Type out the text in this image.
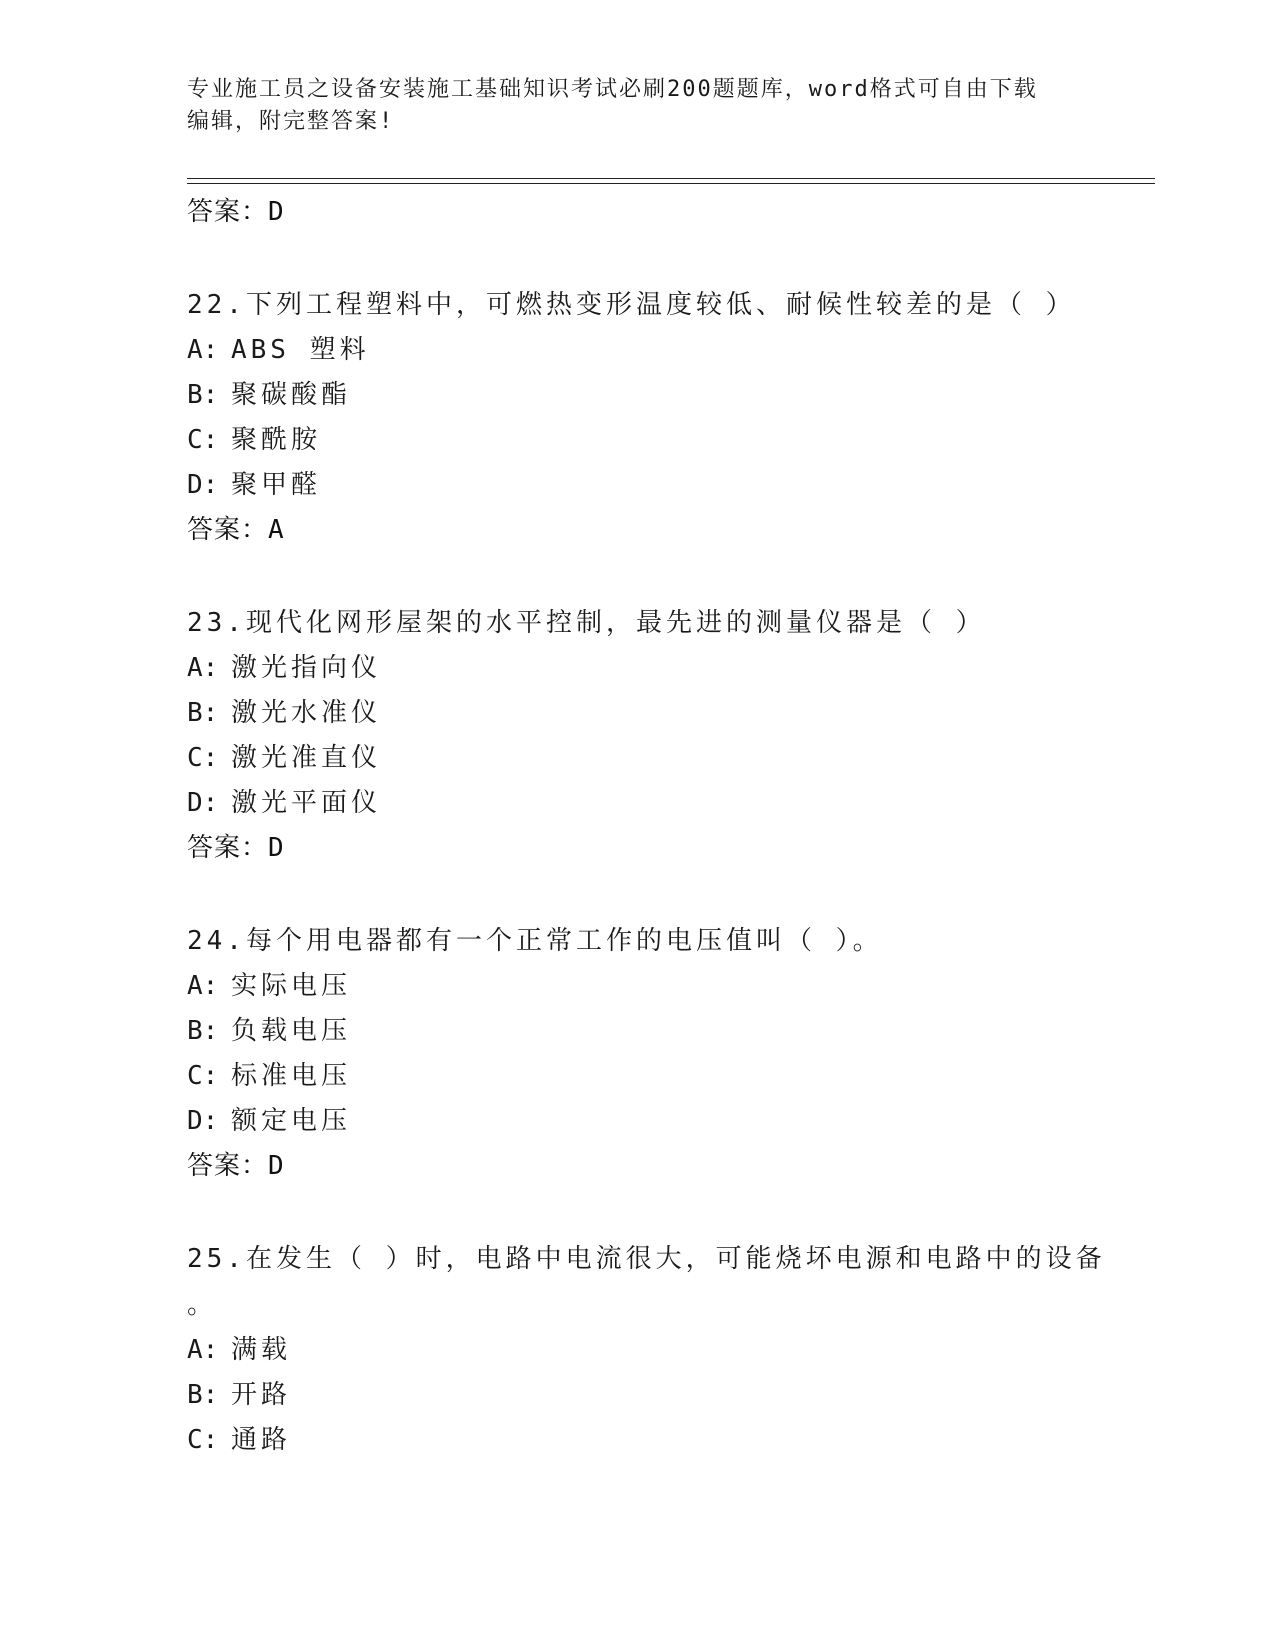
专业施工员之设备安装施工基础知识考试必刷200题题库，word格式可自由下载
编辑，附完整答案!
答案：D
22.下列工程塑料中，可燃热变形温度较低、耐候性较差的是（ ）
A: ABS 塑料
B: 聚碳酸酯
C: 聚酰胺
D: 聚甲醛
答案：A
23.现代化网形屋架的水平控制，最先进的测量仪器是（ ）
A: 激光指向仪
B: 激光水准仪
C: 激光准直仪
D: 激光平面仪
答案：D
24.每个用电器都有一个正常工作的电压值叫（ ）。
A: 实际电压
B: 负载电压
C: 标准电压
D: 额定电压
答案：D
25.在发生（ ）时，电路中电流很大，可能烧坏电源和电路中的设备
。
A: 满载
B: 开路
C: 通路
